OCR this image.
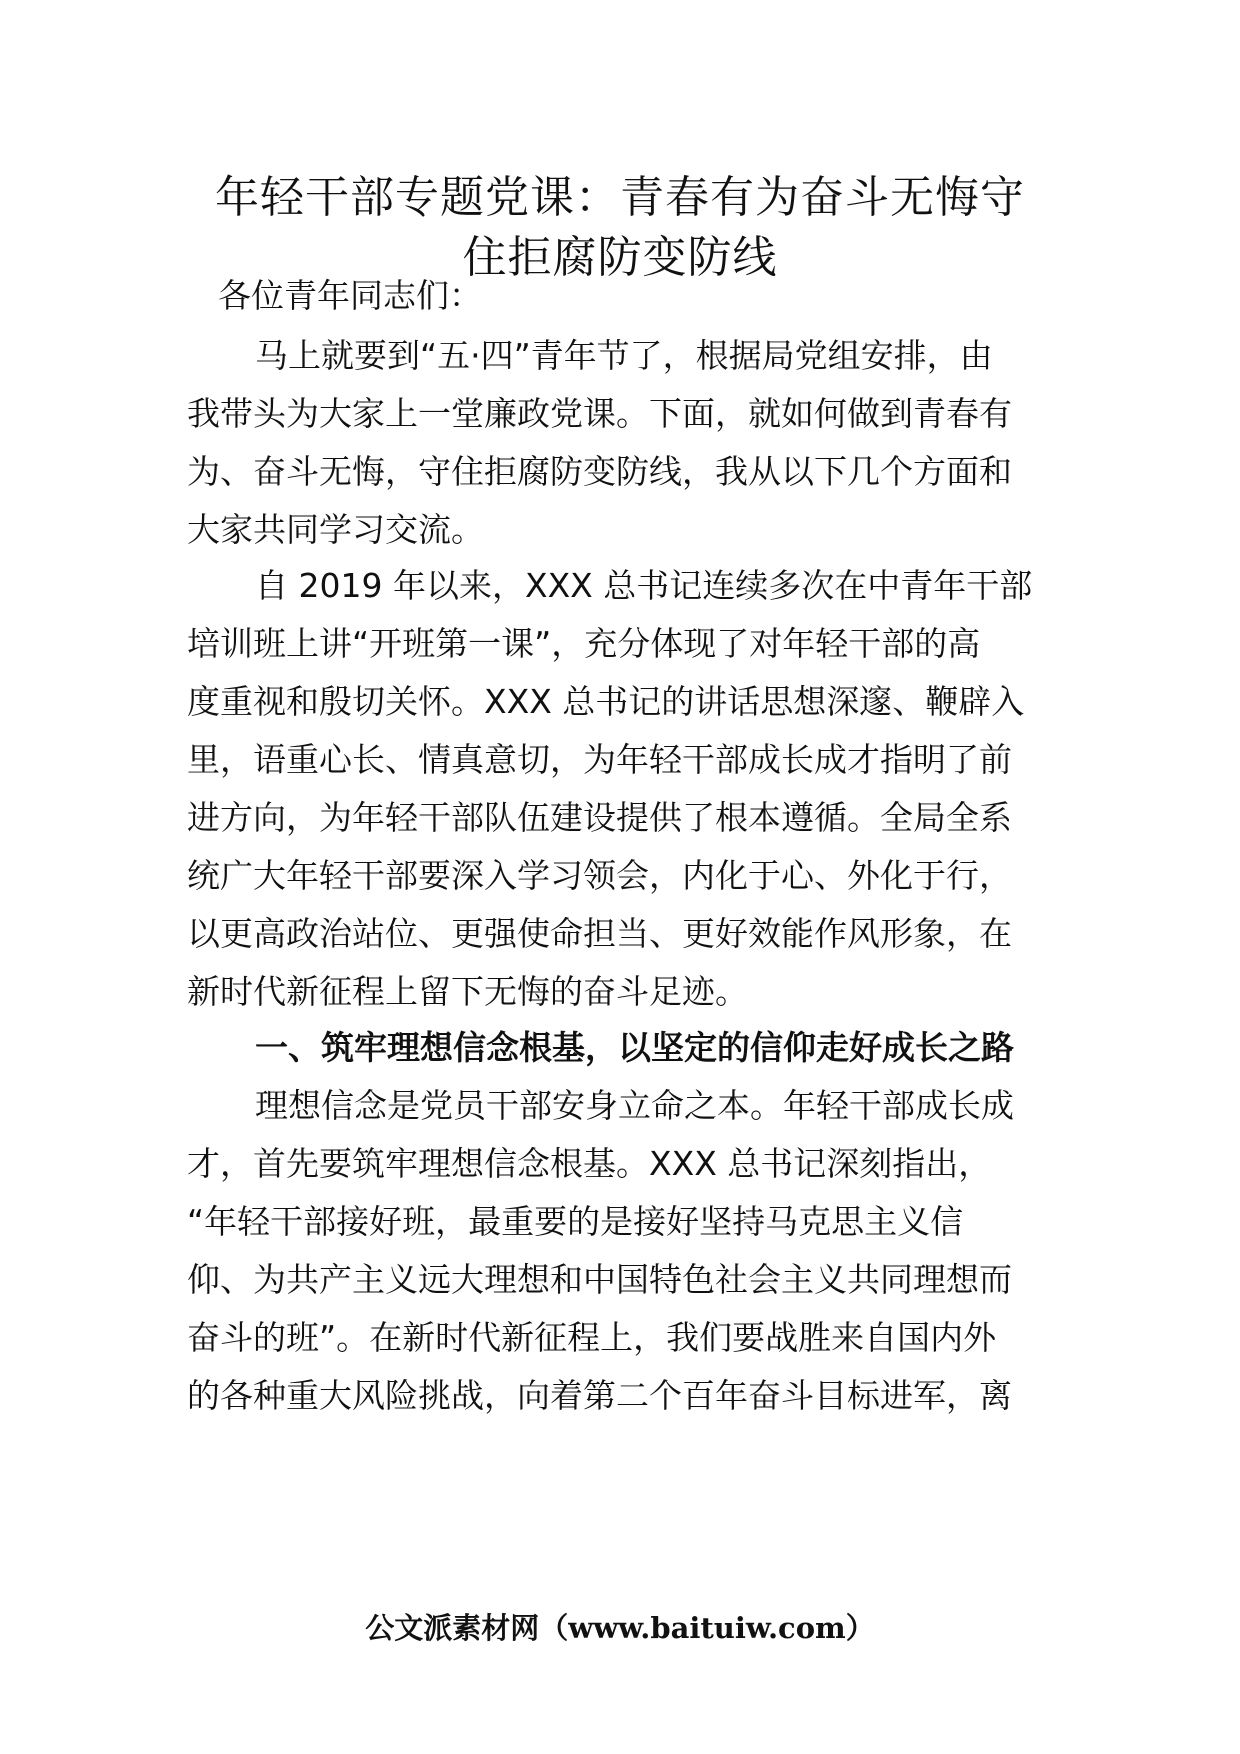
年轻干部专题党课：青春有为奋斗无悔守
住拒腐防变防线

各位青年同志们：

马上就要到“五·四”青年节了，根据局党组安排，由

我带头为大家上一堂廉政党课。下面，就如何做到青春有

为、奋斗无悔，守住拒腐防变防线，我从以下几个方面和

大家共同学习交流。

自 2019 年以来，XXX 总书记连续多次在中青年干部

培训班上讲“开班第一课”，充分体现了对年轻干部的高

度重视和殷切关怀。XXX 总书记的讲话思想深邃、鞭辟入

里，语重心长、情真意切，为年轻干部成长成才指明了前

进方向，为年轻干部队伍建设提供了根本遵循。全局全系

统广大年轻干部要深入学习领会，内化于心、外化于行，

以更高政治站位、更强使命担当、更好效能作风形象，在

新时代新征程上留下无悔的奋斗足迹。

一、筑牢理想信念根基，以坚定的信仰走好成长之路

理想信念是党员干部安身立命之本。年轻干部成长成

才，首先要筑牢理想信念根基。XXX 总书记深刻指出，

“年轻干部接好班，最重要的是接好坚持马克思主义信

仰、为共产主义远大理想和中国特色社会主义共同理想而

奋斗的班”。在新时代新征程上，我们要战胜来自国内外

的各种重大风险挑战，向着第二个百年奋斗目标进军，离

公文派素材网（www.baituiw.com）
